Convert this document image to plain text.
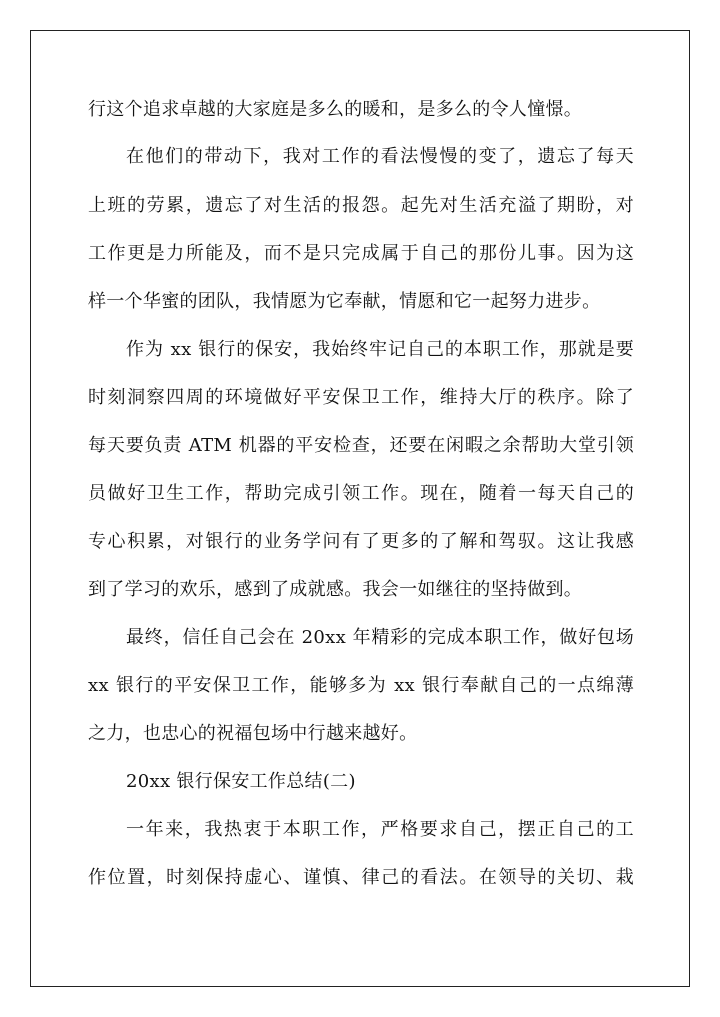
行这个追求卓越的大家庭是多么的暖和，是多么的令人憧憬。
在他们的带动下，我对工作的看法慢慢的变了，遗忘了每天
上班的劳累，遗忘了对生活的报怨。起先对生活充溢了期盼，对
工作更是力所能及，而不是只完成属于自己的那份儿事。因为这
样一个华蜜的团队，我情愿为它奉献，情愿和它一起努力进步。
作为 xx 银行的保安，我始终牢记自己的本职工作，那就是要
时刻洞察四周的环境做好平安保卫工作，维持大厅的秩序。除了
每天要负责 ATM 机器的平安检查，还要在闲暇之余帮助大堂引领
员做好卫生工作，帮助完成引领工作。现在，随着一每天自己的
专心积累，对银行的业务学问有了更多的了解和驾驭。这让我感
到了学习的欢乐，感到了成就感。我会一如继往的坚持做到。
最终，信任自己会在 20xx 年精彩的完成本职工作，做好包场
xx 银行的平安保卫工作，能够多为 xx 银行奉献自己的一点绵薄
之力，也忠心的祝福包场中行越来越好。
20xx 银行保安工作总结(二)
一年来，我热衷于本职工作，严格要求自己，摆正自己的工
作位置，时刻保持虚心、谨慎、律己的看法。在领导的关切、栽
